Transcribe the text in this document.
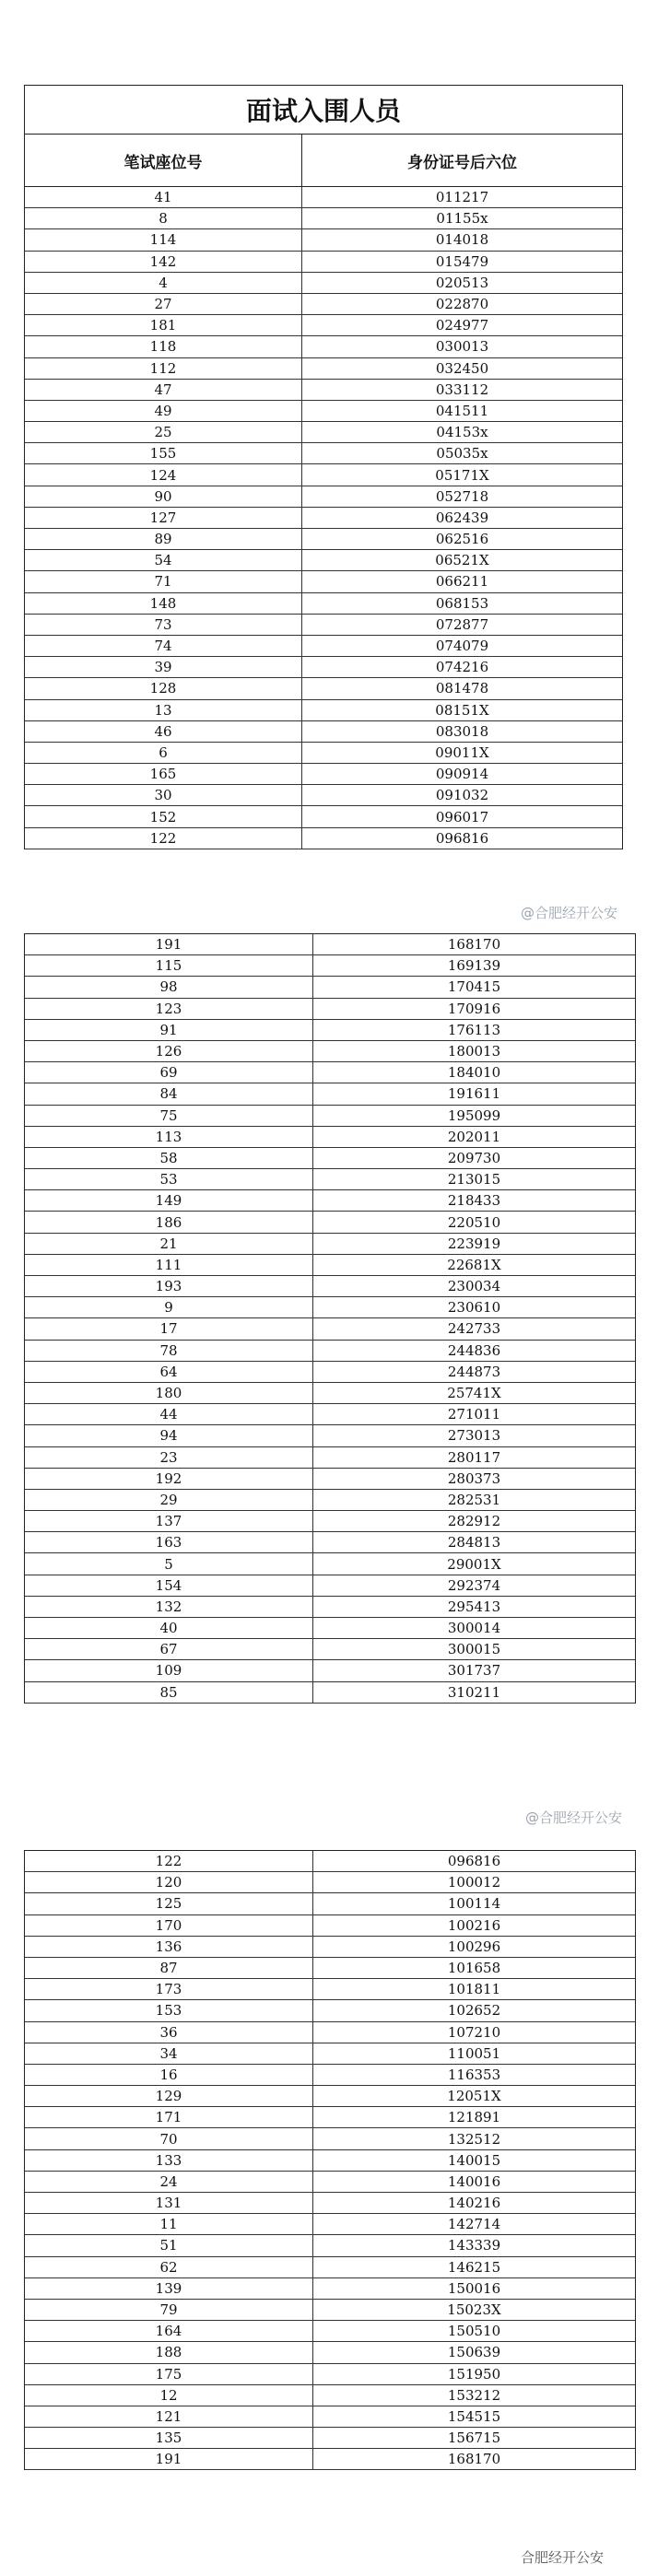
面试入围人员
笔试座位号	身份证号后六位
41	011217
8	01155x
114	014018
142	015479
4	020513
27	022870
181	024977
118	030013
112	032450
47	033112
49	041511
25	04153x
155	05035x
124	05171X
90	052718
127	062439
89	062516
54	06521X
71	066211
148	068153
73	072877
74	074079
39	074216
128	081478
13	08151X
46	083018
6	09011X
165	090914
30	091032
152	096017
122	096816
@合肥经开公安
191	168170
115	169139
98	170415
123	170916
91	176113
126	180013
69	184010
84	191611
75	195099
113	202011
58	209730
53	213015
149	218433
186	220510
21	223919
111	22681X
193	230034
9	230610
17	242733
78	244836
64	244873
180	25741X
44	271011
94	273013
23	280117
192	280373
29	282531
137	282912
163	284813
5	29001X
154	292374
132	295413
40	300014
67	300015
109	301737
85	310211
@合肥经开公安
122	096816
120	100012
125	100114
170	100216
136	100296
87	101658
173	101811
153	102652
36	107210
34	110051
16	116353
129	12051X
171	121891
70	132512
133	140015
24	140016
131	140216
11	142714
51	143339
62	146215
139	150016
79	15023X
164	150510
188	150639
175	151950
12	153212
121	154515
135	156715
191	168170
合肥经开公安
